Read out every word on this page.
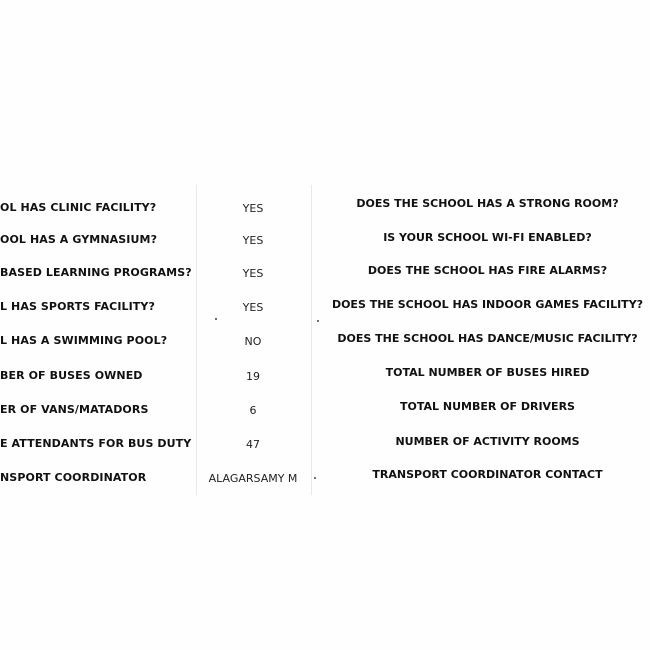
OL HAS CLINIC FACILITY?	YES	DOES THE SCHOOL HAS A STRONG ROOM?
OOL HAS A GYMNASIUM?	YES	IS YOUR SCHOOL WI-FI ENABLED?
BASED LEARNING PROGRAMS?	YES	DOES THE SCHOOL HAS FIRE ALARMS?
L HAS SPORTS FACILITY?	YES	DOES THE SCHOOL HAS INDOOR GAMES FACILITY?
L HAS A SWIMMING POOL?	NO	DOES THE SCHOOL HAS DANCE/MUSIC FACILITY?
BER OF BUSES OWNED	19	TOTAL NUMBER OF BUSES HIRED
ER OF VANS/MATADORS	6	TOTAL NUMBER OF DRIVERS
E ATTENDANTS FOR BUS DUTY	47	NUMBER OF ACTIVITY ROOMS
NSPORT COORDINATOR	ALAGARSAMY M	TRANSPORT COORDINATOR CONTACT
